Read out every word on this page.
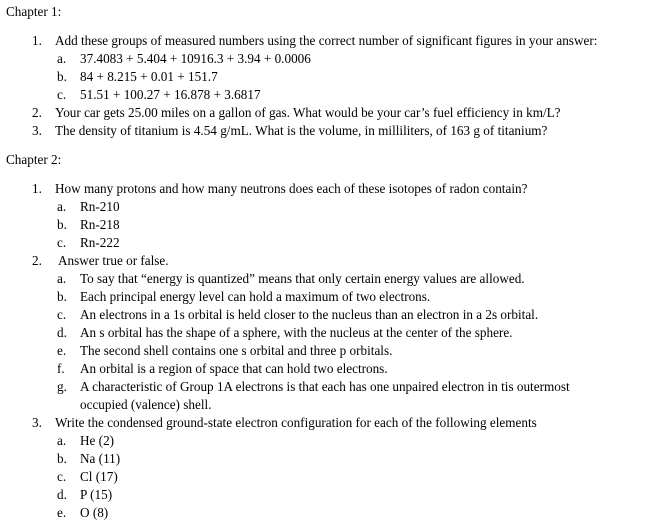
Chapter 1:
1. Add these groups of measured numbers using the correct number of significant figures in your answer:
a. 37.4083 + 5.404 + 10916.3 + 3.94 + 0.0006
b. 84 + 8.215 + 0.01 + 151.7
c. 51.51 + 100.27 + 16.878 + 3.6817
2. Your car gets 25.00 miles on a gallon of gas. What would be your car’s fuel efficiency in km/L?
3. The density of titanium is 4.54 g/mL. What is the volume, in milliliters, of 163 g of titanium?
Chapter 2:
1. How many protons and how many neutrons does each of these isotopes of radon contain?
a. Rn-210
b. Rn-218
c. Rn-222
2. Answer true or false.
a. To say that “energy is quantized” means that only certain energy values are allowed.
b. Each principal energy level can hold a maximum of two electrons.
c. An electrons in a 1s orbital is held closer to the nucleus than an electron in a 2s orbital.
d. An s orbital has the shape of a sphere, with the nucleus at the center of the sphere.
e. The second shell contains one s orbital and three p orbitals.
f. An orbital is a region of space that can hold two electrons.
g. A characteristic of Group 1A electrons is that each has one unpaired electron in tis outermost
occupied (valence) shell.
3. Write the condensed ground-state electron configuration for each of the following elements
a. He (2)
b. Na (11)
c. Cl (17)
d. P (15)
e. O (8)
